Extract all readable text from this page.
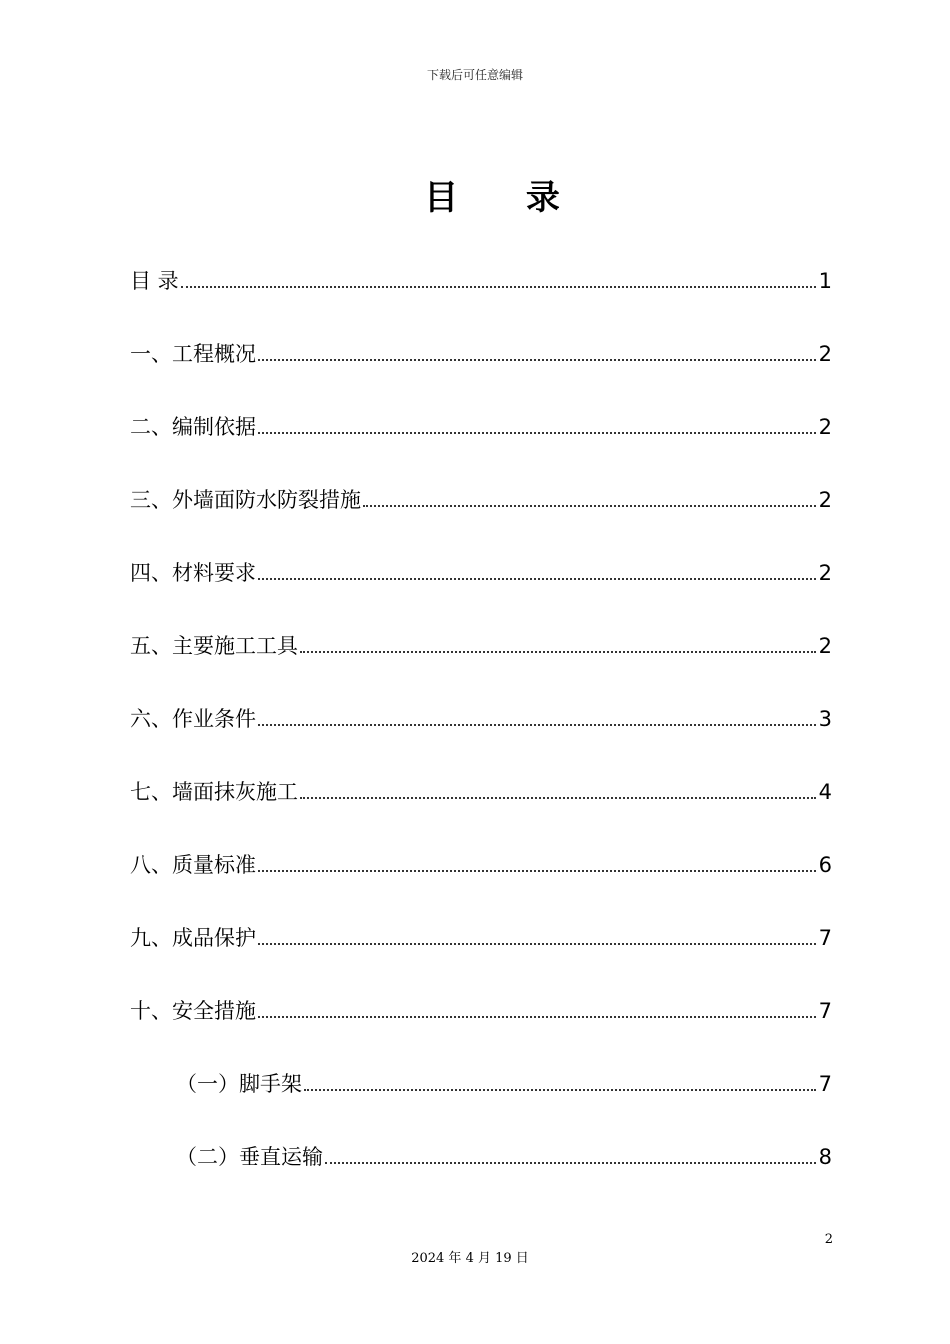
下载后可任意编辑
目 录
目 录	1
一、工程概况	2
二、编制依据	2
三、外墙面防水防裂措施	2
四、材料要求	2
五、主要施工工具	2
六、作业条件	3
七、墙面抹灰施工	4
八、质量标准	6
九、成品保护	7
十、安全措施	7
（一）脚手架	7
（二）垂直运输	8
2
2024 年 4 月 19 日
